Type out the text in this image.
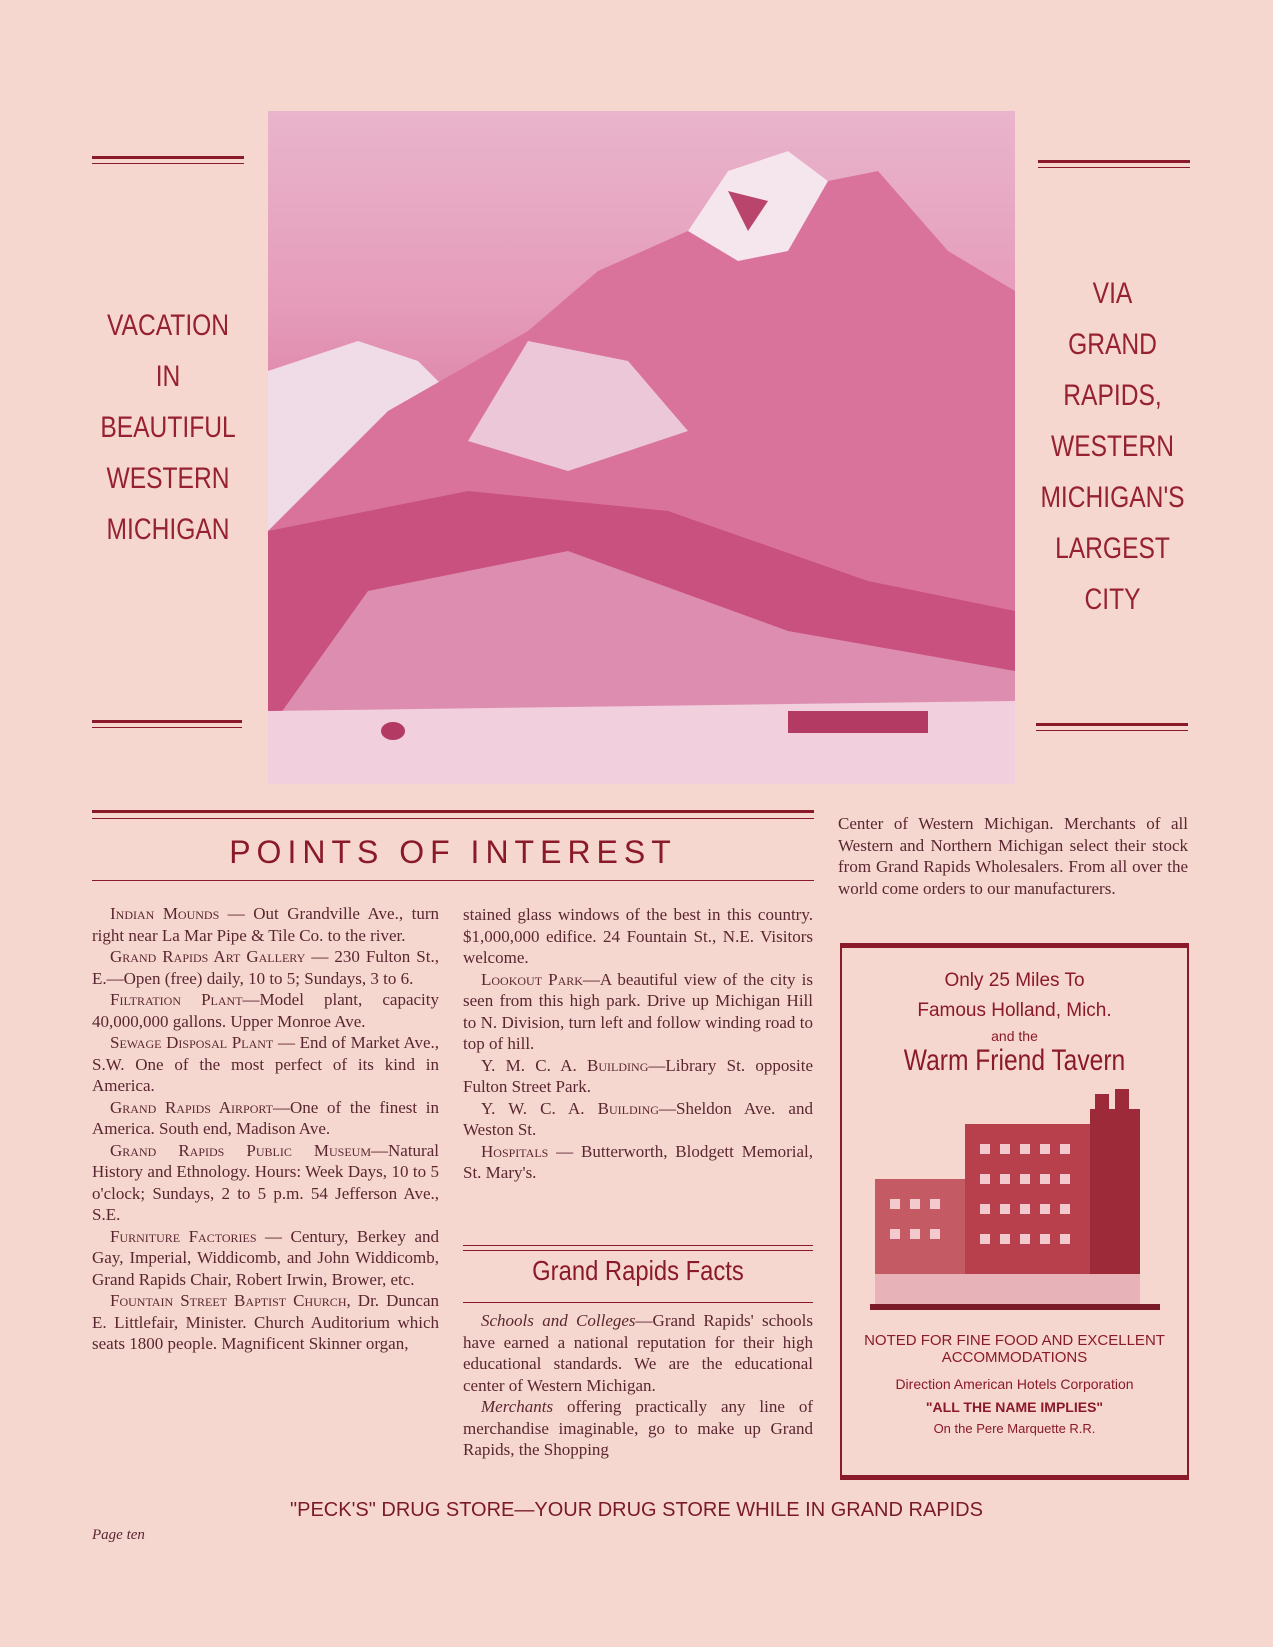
VACATION
IN
BEAUTIFUL
WESTERN
MICHIGAN
VIA
GRAND
RAPIDS,
WESTERN
MICHIGAN'S
LARGEST
CITY
POINTS OF INTEREST

Indian Mounds — Out Grandville Ave., turn right near La Mar Pipe & Tile Co. to the river.

Grand Rapids Art Gallery — 230 Fulton St., E.—Open (free) daily, 10 to 5; Sundays, 3 to 6.

Filtration Plant—Model plant, capacity 40,000,000 gallons. Upper Monroe Ave.

Sewage Disposal Plant — End of Market Ave., S.W. One of the most perfect of its kind in America.

Grand Rapids Airport—One of the finest in America. South end, Madison Ave.

Grand Rapids Public Museum—Natural History and Ethnology. Hours: Week Days, 10 to 5 o'clock; Sundays, 2 to 5 p.m. 54 Jefferson Ave., S.E.

Furniture Factories — Century, Berkey and Gay, Imperial, Widdicomb, and John Widdicomb, Grand Rapids Chair, Robert Irwin, Brower, etc.

Fountain Street Baptist Church, Dr. Duncan E. Littlefair, Minister. Church Auditorium which seats 1800 people. Magnificent Skinner organ,

stained glass windows of the best in this country. $1,000,000 edifice. 24 Fountain St., N.E. Visitors welcome.

Lookout Park—A beautiful view of the city is seen from this high park. Drive up Michigan Hill to N. Division, turn left and follow winding road to top of hill.

Y. M. C. A. Building—Library St. opposite Fulton Street Park.

Y. W. C. A. Building—Sheldon Ave. and Weston St.

Hospitals — Butterworth, Blodgett Memorial, St. Mary's.

Grand Rapids Facts

Schools and Colleges—Grand Rapids' schools have earned a national reputation for their high educational standards. We are the educational center of Western Michigan.

Merchants offering practically any line of merchandise imaginable, go to make up Grand Rapids, the Shopping

Center of Western Michigan. Merchants of all Western and Northern Michigan select their stock from Grand Rapids Wholesalers. From all over the world come orders to our manufacturers.

Only 25 Miles To
Famous Holland, Mich.
and the
Warm Friend Tavern
NOTED FOR FINE FOOD AND EXCELLENT ACCOMMODATIONS
Direction American Hotels Corporation
"ALL THE NAME IMPLIES"
On the Pere Marquette R.R.
"PECK'S" DRUG STORE—YOUR DRUG STORE WHILE IN GRAND RAPIDS
Page ten
